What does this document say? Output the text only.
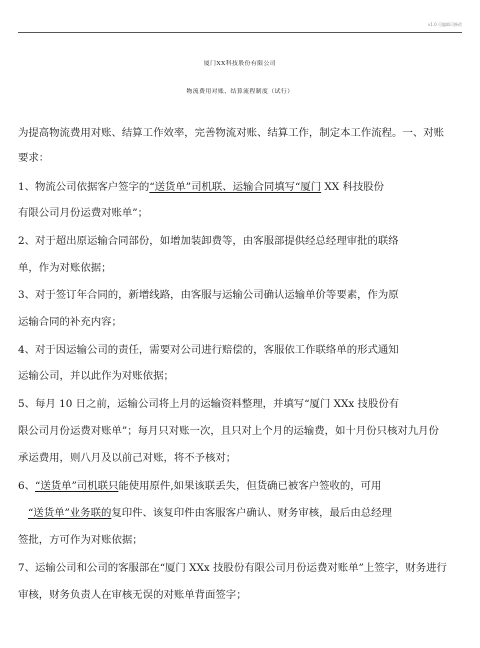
v1.0 可编辑可修改
厦门XX科技股份有限公司
物流费用对账、结算流程制度（试行）
为提高物流费用对账、结算工作效率，完善物流对账、结算工作，制定本工作流程。一、对账
要求：
1、物流公司依据客户签字的“送货单”司机联、运输合同填写“厦门 XX 科技股份
有限公司月份运费对账单”；
2、对于超出原运输合同部份，如增加装卸费等，由客服部提供经总经理审批的联络
单，作为对账依据；
3、对于签订年合同的，新增线路，由客服与运输公司确认运输单价等要素，作为原
运输合同的补充内容；
4、对于因运输公司的责任，需要对公司进行赔偿的，客服依工作联络单的形式通知
运输公司，并以此作为对账依据；
5、每月 10 日之前，运输公司将上月的运输资料整理，并填写“厦门 XXx 技股份有
限公司月份运费对账单”；每月只对账一次，且只对上个月的运输费，如十月份只核对九月份
承运费用，则八月及以前己对账，将不予核对；
6、“送货单”司机联只能使用原件,如果该联丢失，但货确已被客户签收的，可用
“送货单”业务联的复印件、该复印件由客服客户确认、财务审核，最后由总经理
签批，方可作为对账依据；
7、运输公司和公司的客服部在“厦门 XXx 技股份有限公司月份运费对账单”上签字，财务进行
审核，财务负责人在审核无误的对账单背面签字；
